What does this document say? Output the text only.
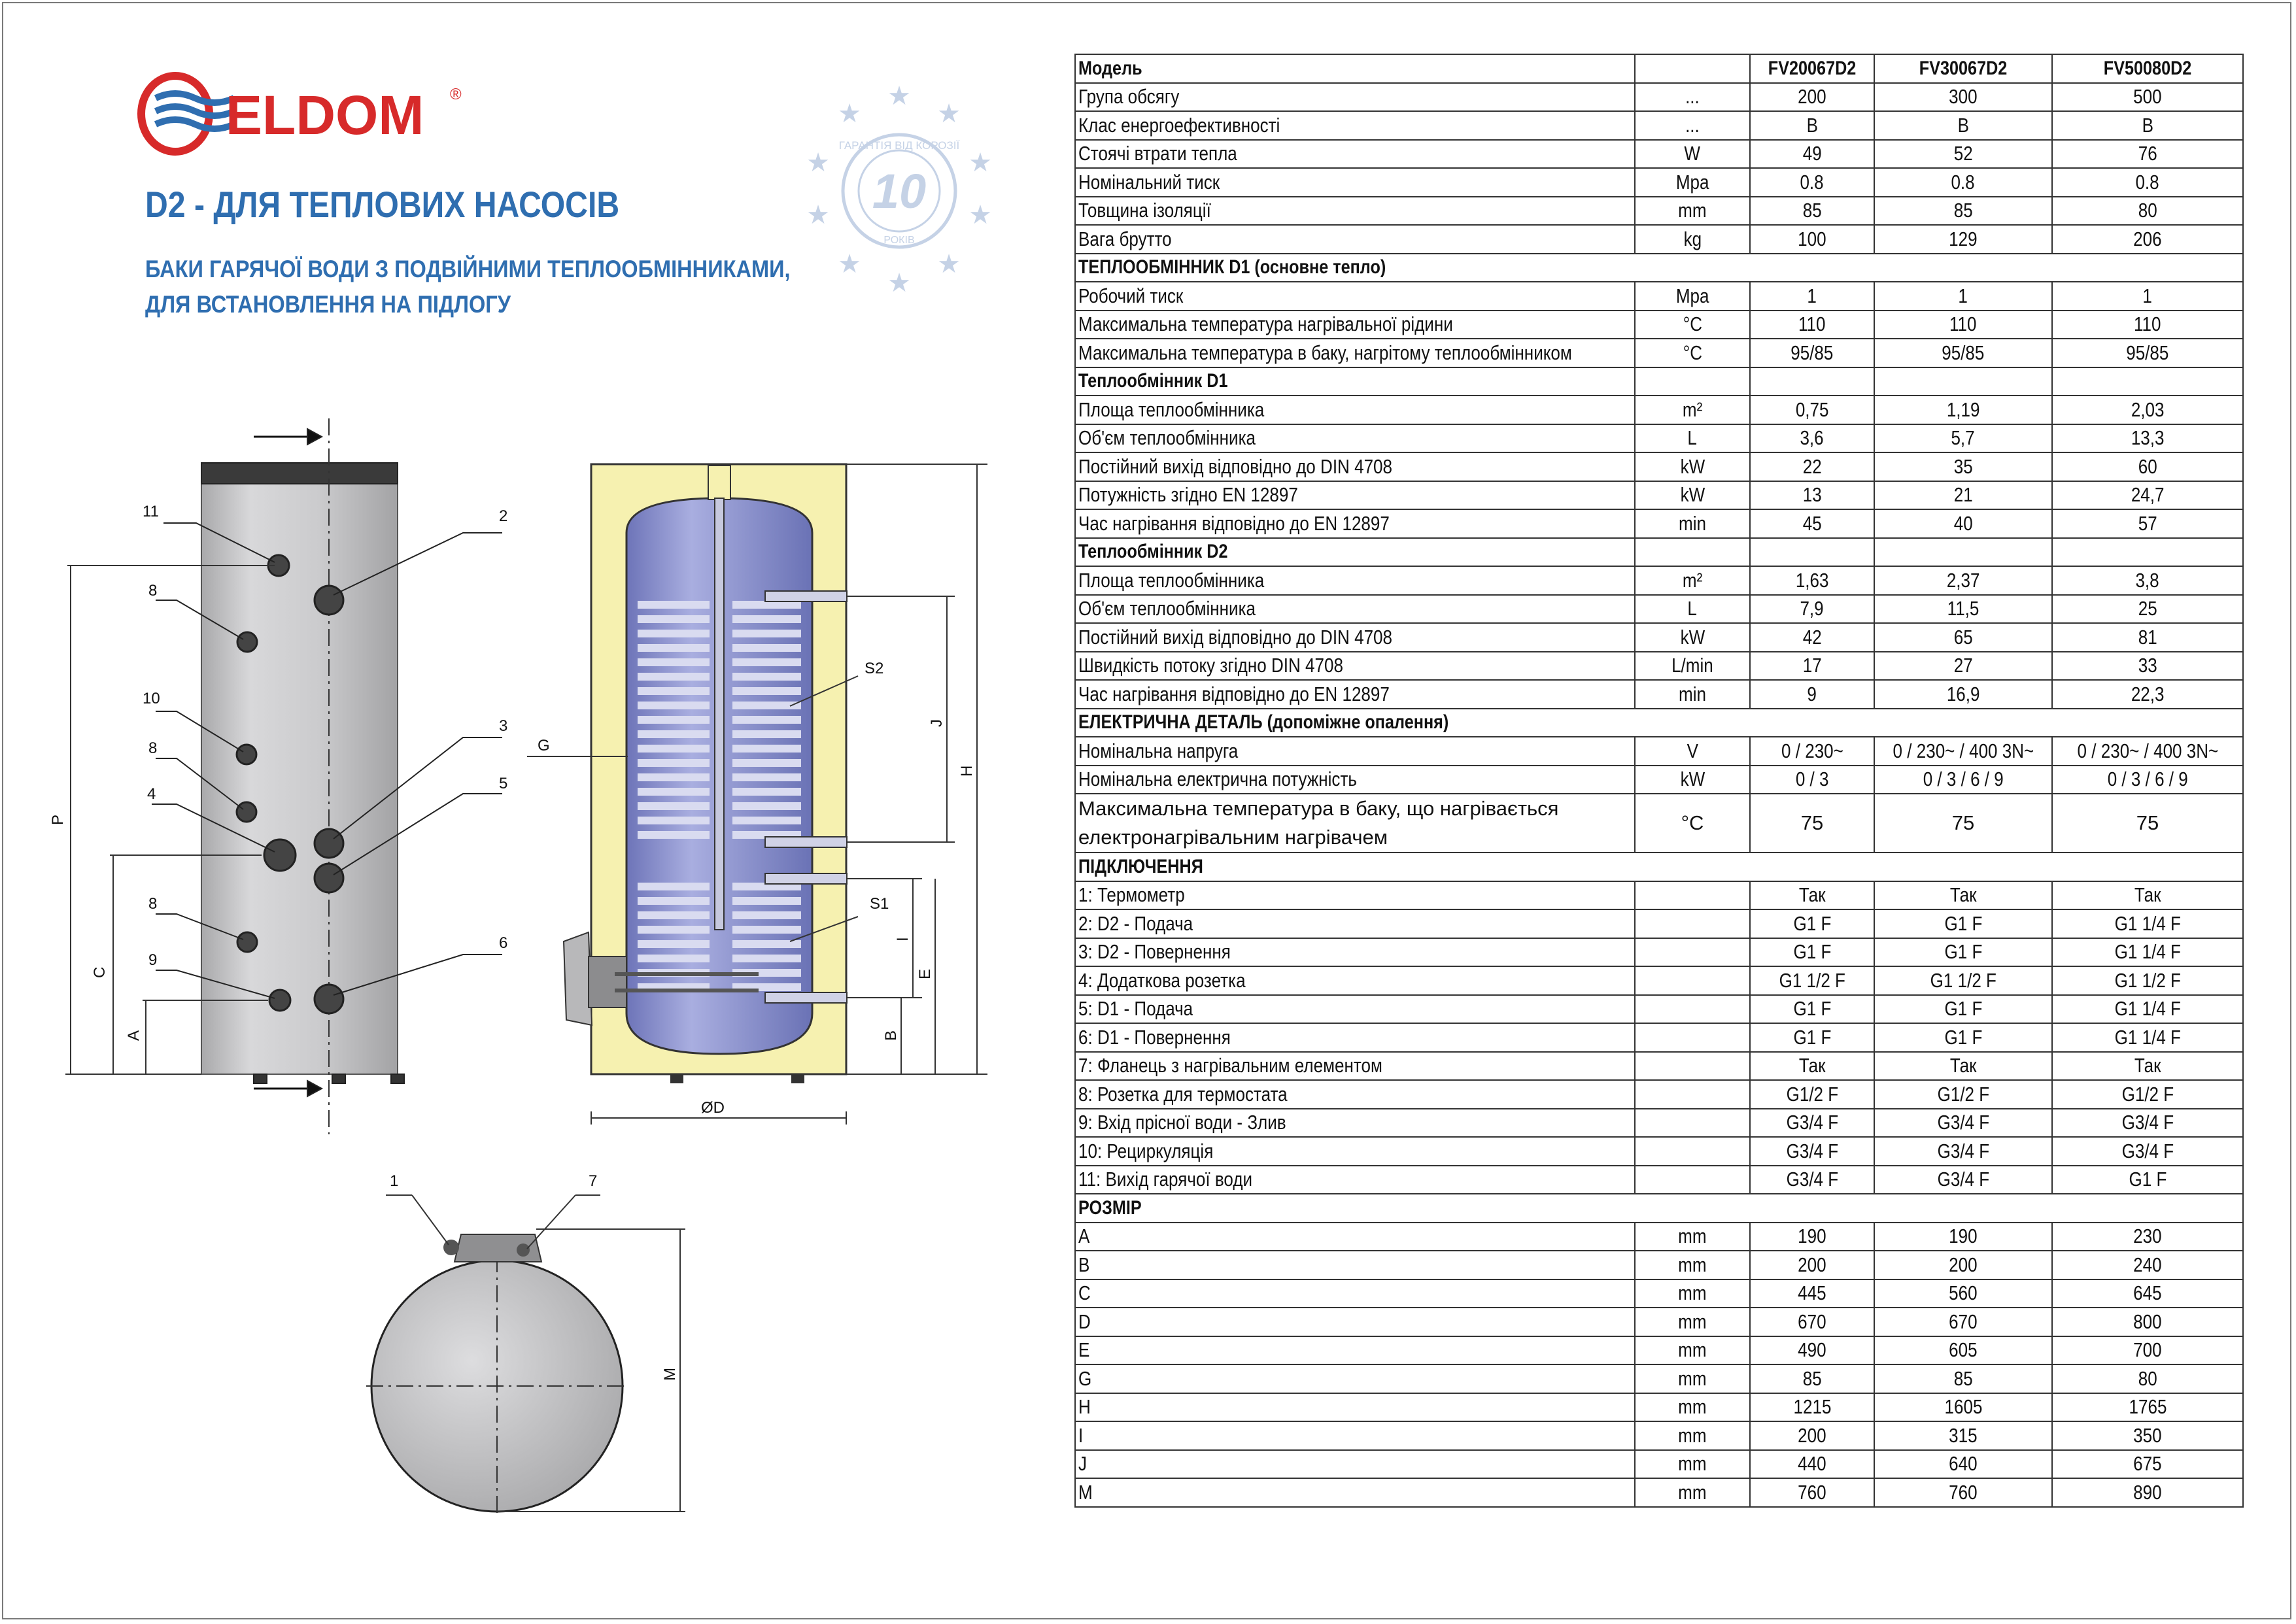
ELDOM ®
10
ГАРАНТІЯ ВІД КОРОЗІЇ
РОКІВ
★
★	★
★	★
★	★
★	★
★
11	2
8
10
8
3
4
5
8
6
9
P
C
A
G
S2
S1
J
I
E
B
H
ØD
1	7
M
D2 - ДЛЯ ТЕПЛОВИХ НАСОСІВ
БАКИ ГАРЯЧОЇ ВОДИ З ПОДВІЙНИМИ ТЕПЛООБМІННИКАМИ,
ДЛЯ ВСТАНОВЛЕННЯ НА ПІДЛОГУ
Модель		FV20067D2	FV30067D2	FV50080D2
Група обсягу	...	200	300	500
Клас енергоефективності	...	B	B	B
Стоячі втрати тепла	W	49	52	76
Номінальний тиск	Mpa	0.8	0.8	0.8
Товщина ізоляції	mm	85	85	80
Вага брутто	kg	100	129	206
ТЕПЛООБМІННИК D1 (основне тепло)				
Робочий тиск	Mpa	1	1	1
Максимальна температура нагрівальної рідини	°C	110	110	110
Максимальна температура в баку, нагрітому теплообмінником	°C	95/85	95/85	95/85
Теплообмінник D1				
Площа теплообмінника	m²	0,75	1,19	2,03
Об'єм теплообмінника	L	3,6	5,7	13,3
Постійний вихід відповідно до DIN 4708	kW	22	35	60
Потужність згідно EN 12897	kW	13	21	24,7
Час нагрівання відповідно до EN 12897	min	45	40	57
Теплообмінник D2				
Площа теплообмінника	m²	1,63	2,37	3,8
Об'єм теплообмінника	L	7,9	11,5	25
Постійний вихід відповідно до DIN 4708	kW	42	65	81
Швидкість потоку згідно DIN 4708	L/min	17	27	33
Час нагрівання відповідно до EN 12897	min	9	16,9	22,3
ЕЛЕКТРИЧНА ДЕТАЛЬ (допоміжне опалення)				
Номінальна напруга	V	0 / 230~	0 / 230~ / 400 3N~	0 / 230~ / 400 3N~
Номінальна електрична потужність	kW	0 / 3	0 / 3 / 6 / 9	0 / 3 / 6 / 9
Максимальна температура в баку, що нагрівається електронагрівальним нагрівачем	°C	75	75	75
ПІДКЛЮЧЕННЯ				
1: Термометр		Так	Так	Так
2: D2 - Подача		G1 F	G1 F	G1 1/4 F
3: D2 - Повернення		G1 F	G1 F	G1 1/4 F
4: Додаткова розетка		G1 1/2 F	G1 1/2 F	G1 1/2 F
5: D1 - Подача		G1 F	G1 F	G1 1/4 F
6: D1 - Повернення		G1 F	G1 F	G1 1/4 F
7: Фланець з нагрівальним елементом		Так	Так	Так
8: Розетка для термостата		G1/2 F	G1/2 F	G1/2 F
9: Вхід прісної води - Злив		G3/4 F	G3/4 F	G3/4 F
10: Рециркуляція		G3/4 F	G3/4 F	G3/4 F
11: Вихід гарячої води		G3/4 F	G3/4 F	G1 F
РОЗМІР				
A	mm	190	190	230
B	mm	200	200	240
C	mm	445	560	645
D	mm	670	670	800
E	mm	490	605	700
G	mm	85	85	80
H	mm	1215	1605	1765
I	mm	200	315	350
J	mm	440	640	675
M	mm	760	760	890
